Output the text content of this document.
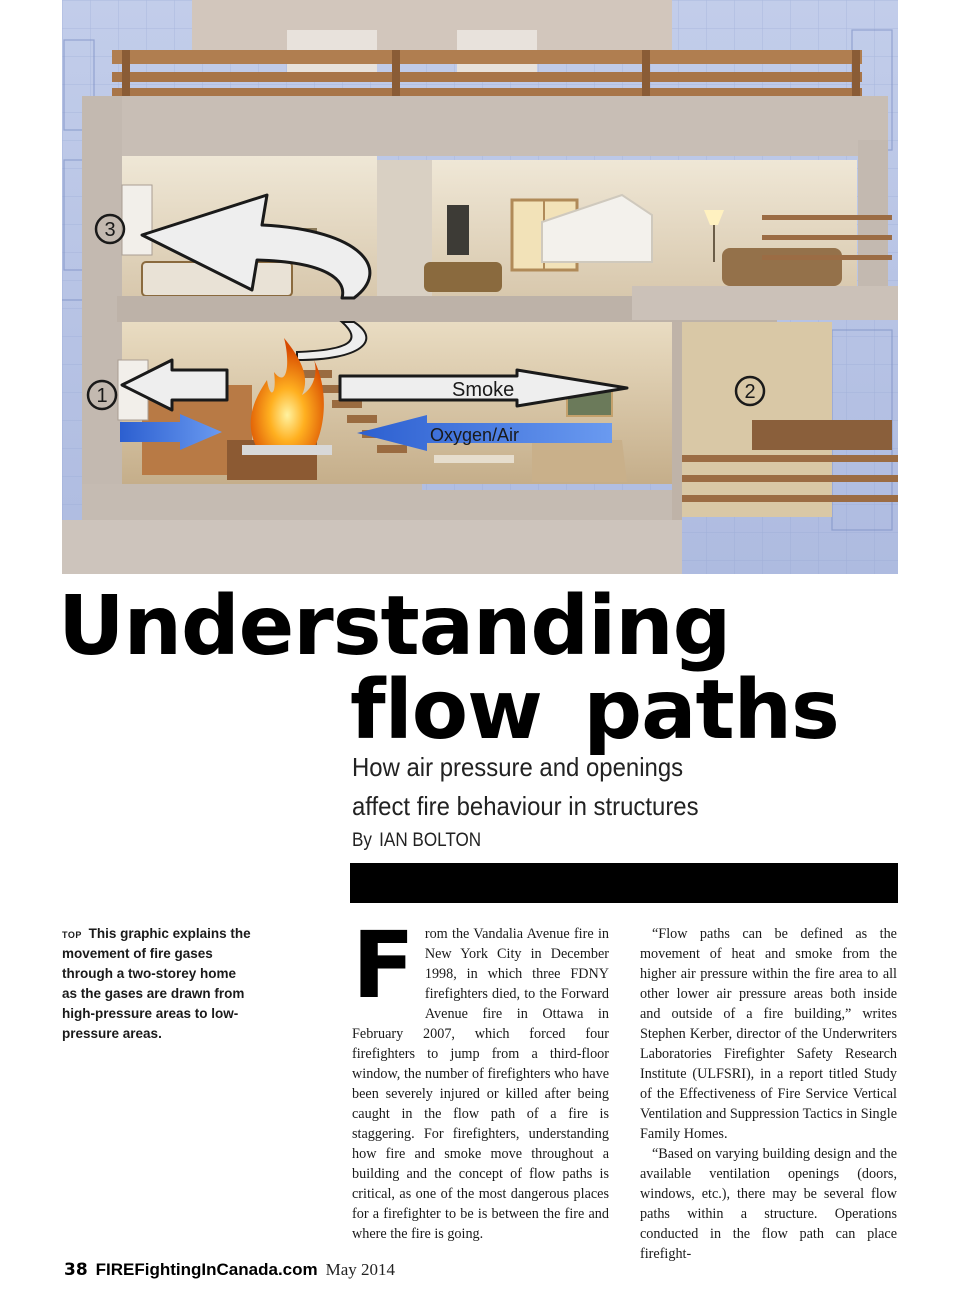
Smoke
Oxygen/Air
1	2
3
Understanding
flow paths
How air pressure and openings
affect fire behaviour in structures
By IAN BOLTON
top This graphic explains the movement of fire gases through a two-storey home as the gases are drawn from high-pressure areas to low-pressure areas.
F rom the Vandalia Avenue fire in New York City in December 1998, in which three FDNY firefighters died, to the Forward Avenue fire in Ottawa in February 2007, which forced four firefighters to jump from a third-floor window, the number of firefighters who have been severely injured or killed after being caught in the flow path of a fire is staggering. For firefighters, understanding how fire and smoke move throughout a building and the concept of flow paths is critical, as one of the most dangerous places for a firefighter to be is between the fire and where the fire is going.

“Flow paths can be defined as the movement of heat and smoke from the higher air pressure within the fire area to all other lower air pressure areas both inside and outside of a fire building,” writes Stephen Kerber, director of the Underwriters Laboratories Firefighter Safety Research Institute (ULFSRI), in a report titled Study of the Effectiveness of Fire Service Vertical Ventilation and Suppression Tactics in Single Family Homes.

“Based on varying building design and the available ventilation openings (doors, windows, etc.), there may be several flow paths within a structure. Operations conducted in the flow path can place firefight-

38 FIREFightingInCanada.com May 2014
